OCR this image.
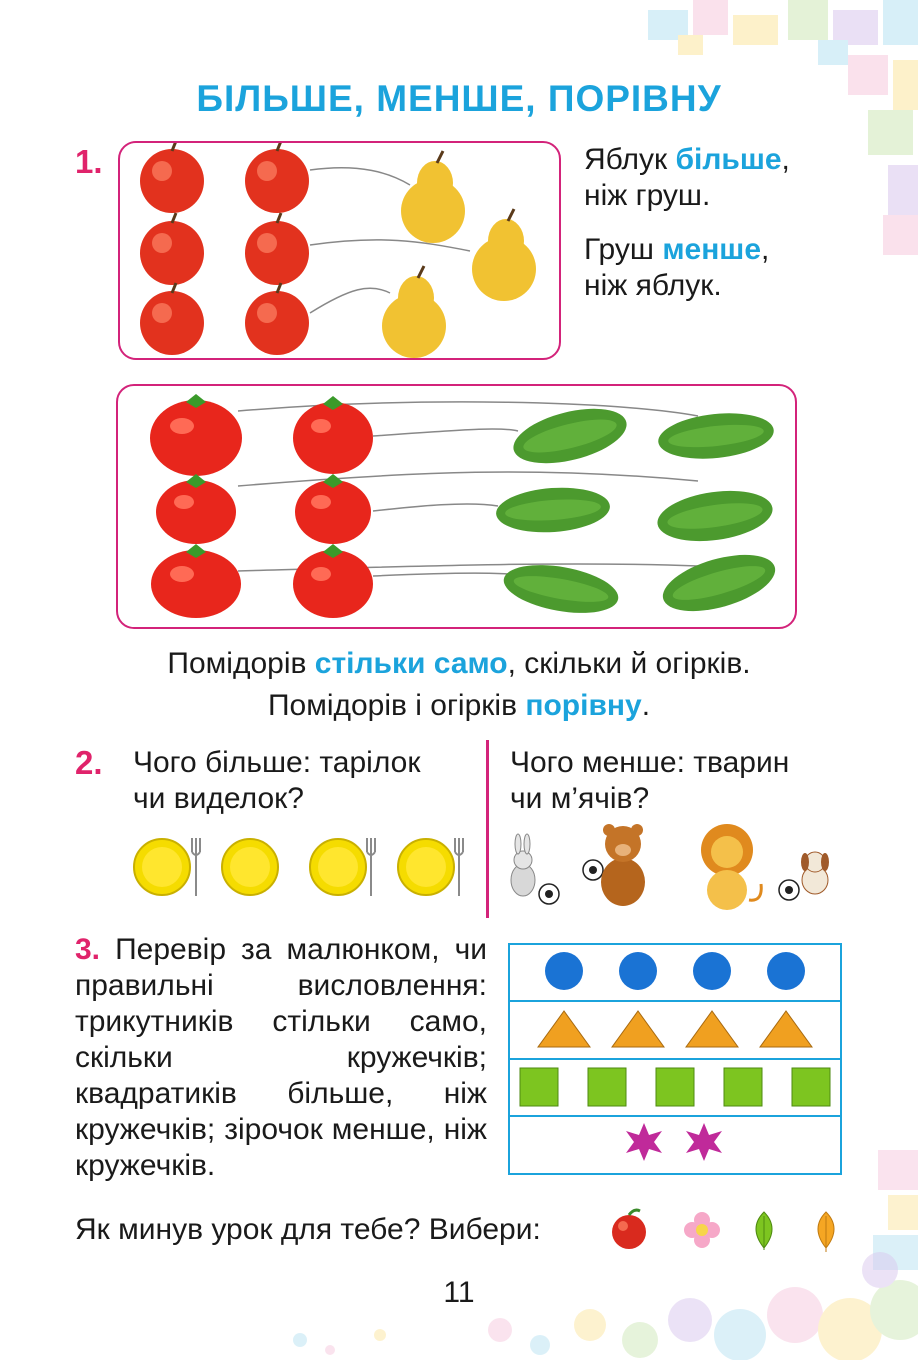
БІЛЬШЕ, МЕНШЕ, ПОРІВНУ
1.	Яблук більше,
ніж груш.
Груш менше,
ніж яблук.
Помідорів стільки само, скільки й огірків.
Помідорів і огірків порівну.
2. Чого більше: тарілок
чи виделок?
Чого менше: тварин
чи м’ячів?
3. Перевір за малюнком, чи правильні висловлення: трикутників стільки само, скільки кружечків; квадратиків більше, ніж кружечків; зірочок менше, ніж кружечків.
Як минув урок для тебе? Вибери:
11
